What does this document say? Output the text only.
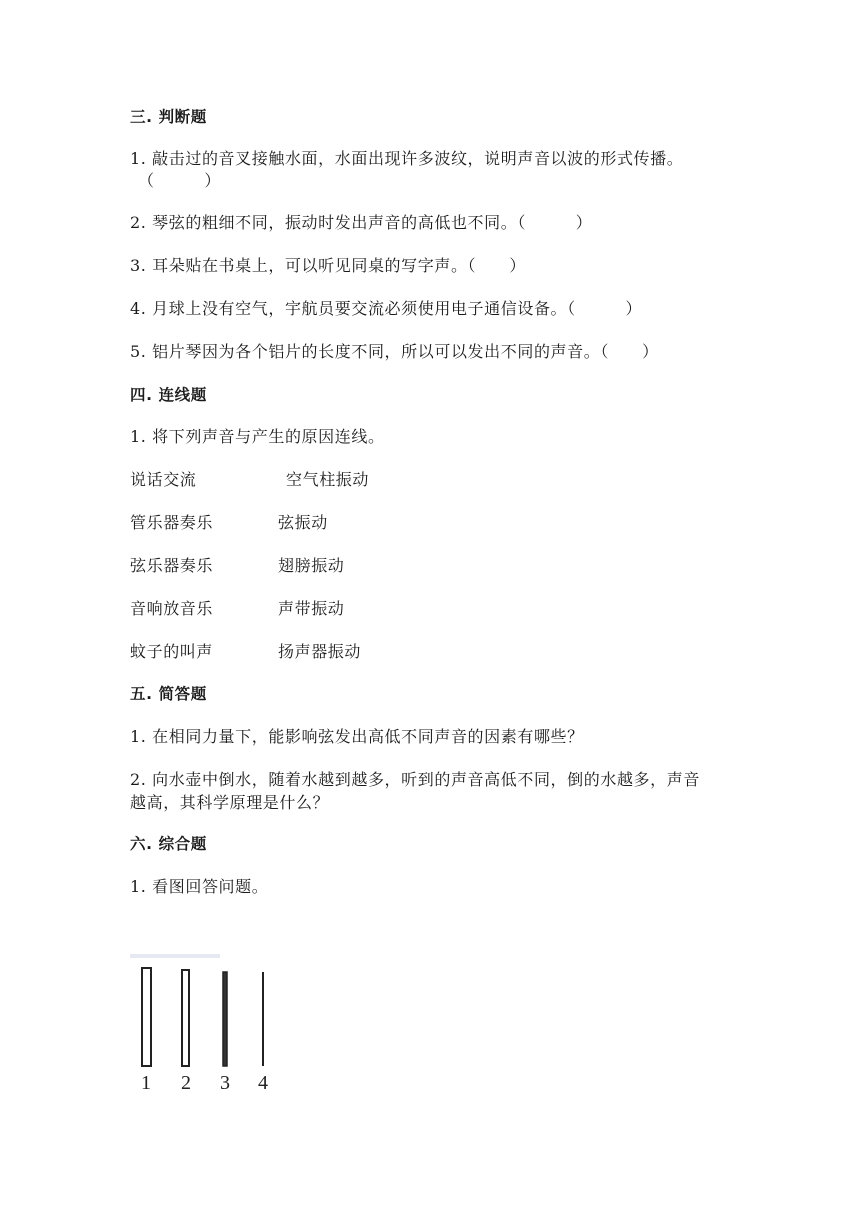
三. 判断题
1. 敲击过的音叉接触水面，水面出现许多波纹，说明声音以波的形式传播。
（　　　）
2. 琴弦的粗细不同，振动时发出声音的高低也不同。（　　　）
3. 耳朵贴在书桌上，可以听见同桌的写字声。（　　）
4. 月球上没有空气，宇航员要交流必须使用电子通信设备。（　　　）
5. 铝片琴因为各个铝片的长度不同，所以可以发出不同的声音。（　　）
四. 连线题
1. 将下列声音与产生的原因连线。
说话交流	空气柱振动
管乐器奏乐	弦振动
弦乐器奏乐	翅膀振动
音响放音乐	声带振动
蚊子的叫声	扬声器振动
五. 简答题
1. 在相同力量下，能影响弦发出高低不同声音的因素有哪些？
2. 向水壶中倒水，随着水越到越多，听到的声音高低不同，倒的水越多，声音
越高，其科学原理是什么？
六. 综合题
1. 看图回答问题。
1 2 3 4
